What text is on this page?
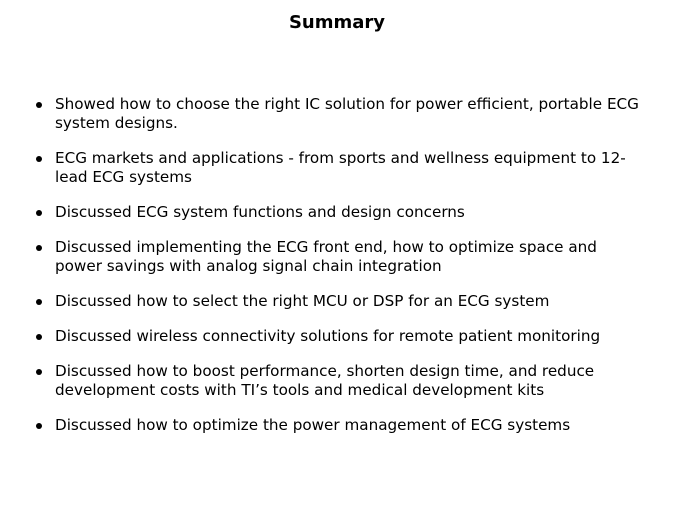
Summary
Showed how to choose the right IC solution for power efficient, portable ECG system designs.
ECG markets and applications - from sports and wellness equipment to 12-lead ECG systems
Discussed ECG system functions and design concerns
Discussed implementing the ECG front end, how to optimize space and power savings with analog signal chain integration
Discussed how to select the right MCU or DSP for an ECG system
Discussed wireless connectivity solutions for remote patient monitoring
Discussed how to boost performance, shorten design time, and reduce development costs with TI’s tools and medical development kits
Discussed how to optimize the power management of ECG systems
